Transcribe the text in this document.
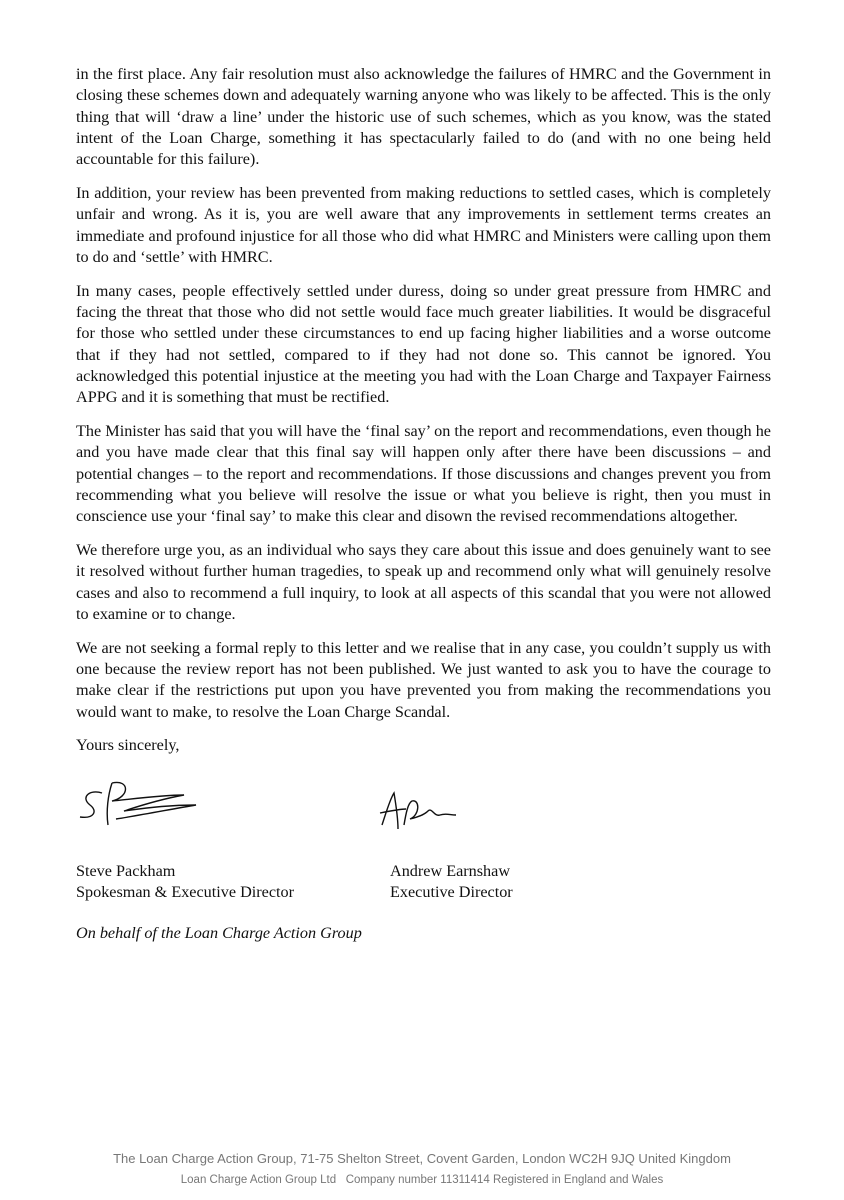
in the first place. Any fair resolution must also acknowledge the failures of HMRC and the Government in closing these schemes down and adequately warning anyone who was likely to be affected. This is the only thing that will ‘draw a line’ under the historic use of such schemes, which as you know, was the stated intent of the Loan Charge, something it has spectacularly failed to do (and with no one being held accountable for this failure).

In addition, your review has been prevented from making reductions to settled cases, which is completely unfair and wrong. As it is, you are well aware that any improvements in settlement terms creates an immediate and profound injustice for all those who did what HMRC and Ministers were calling upon them to do and ‘settle’ with HMRC.

In many cases, people effectively settled under duress, doing so under great pressure from HMRC and facing the threat that those who did not settle would face much greater liabilities. It would be disgraceful for those who settled under these circumstances to end up facing higher liabilities and a worse outcome that if they had not settled, compared to if they had not done so. This cannot be ignored. You acknowledged this potential injustice at the meeting you had with the Loan Charge and Taxpayer Fairness APPG and it is something that must be rectified.

The Minister has said that you will have the ‘final say’ on the report and recommendations, even though he and you have made clear that this final say will happen only after there have been discussions – and potential changes – to the report and recommendations. If those discussions and changes prevent you from recommending what you believe will resolve the issue or what you believe is right, then you must in conscience use your ‘final say’ to make this clear and disown the revised recommendations altogether.

We therefore urge you, as an individual who says they care about this issue and does genuinely want to see it resolved without further human tragedies, to speak up and recommend only what will genuinely resolve cases and also to recommend a full inquiry, to look at all aspects of this scandal that you were not allowed to examine or to change.

We are not seeking a formal reply to this letter and we realise that in any case, you couldn’t supply us with one because the review report has not been published. We just wanted to ask you to have the courage to make clear if the restrictions put upon you have prevented you from making the recommendations you would want to make, to resolve the Loan Charge Scandal.

Yours sincerely,

Steve Packham
Spokesman & Executive Director
Andrew Earnshaw
Executive Director
On behalf of the Loan Charge Action Group
The Loan Charge Action Group, 71-75 Shelton Street, Covent Garden, London WC2H 9JQ United Kingdom
Loan Charge Action Group Ltd   Company number 11311414 Registered in England and Wales
